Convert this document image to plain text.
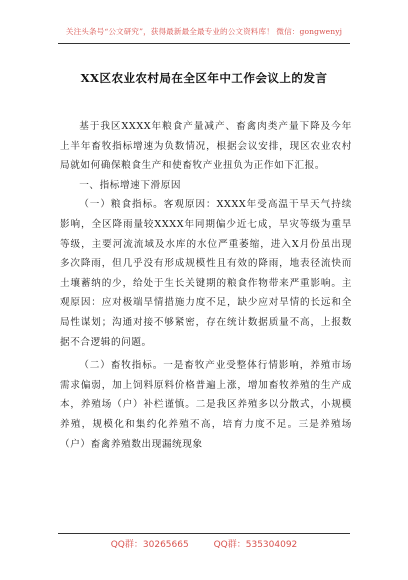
关注头条号“公文研究”，获得最新最全最专业的公文资料库！ 微信：gongwenyj
XX区农业农村局在全区年中工作会议上的发言

基于我区XXXX年粮食产量减产、畜禽肉类产量下降及今年上半年畜牧指标增速为负数情况，根据会议安排，现区农业农村局就如何确保粮食生产和使畜牧产业扭负为正作如下汇报。

一、指标增速下滑原因

（一）粮食指标。客观原因：XXXX年受高温干旱天气持续影响，全区降雨量较XXXX年同期偏少近七成，旱灾等级为重旱等级，主要河流流域及水库的水位严重萎缩，进入X月份虽出现多次降雨，但几乎没有形成规模性且有效的降雨，地表径流快而土壤蓄纳的少，给处于生长关键期的粮食作物带来严重影响。主观原因：应对极端旱情措施力度不足，缺少应对旱情的长远和全局性谋划；沟通对接不够紧密，存在统计数据质量不高，上报数据不合逻辑的问题。

（二）畜牧指标。一是畜牧产业受整体行情影响，养殖市场需求偏弱，加上饲料原料价格普遍上涨，增加畜牧养殖的生产成本，养殖场（户）补栏谨慎。二是我区养殖多以分散式，小规模养殖，规模化和集约化养殖不高，培育力度不足。三是养殖场（户）畜禽养殖数出现漏统现象

QQ群：30265665	QQ群：535304092
